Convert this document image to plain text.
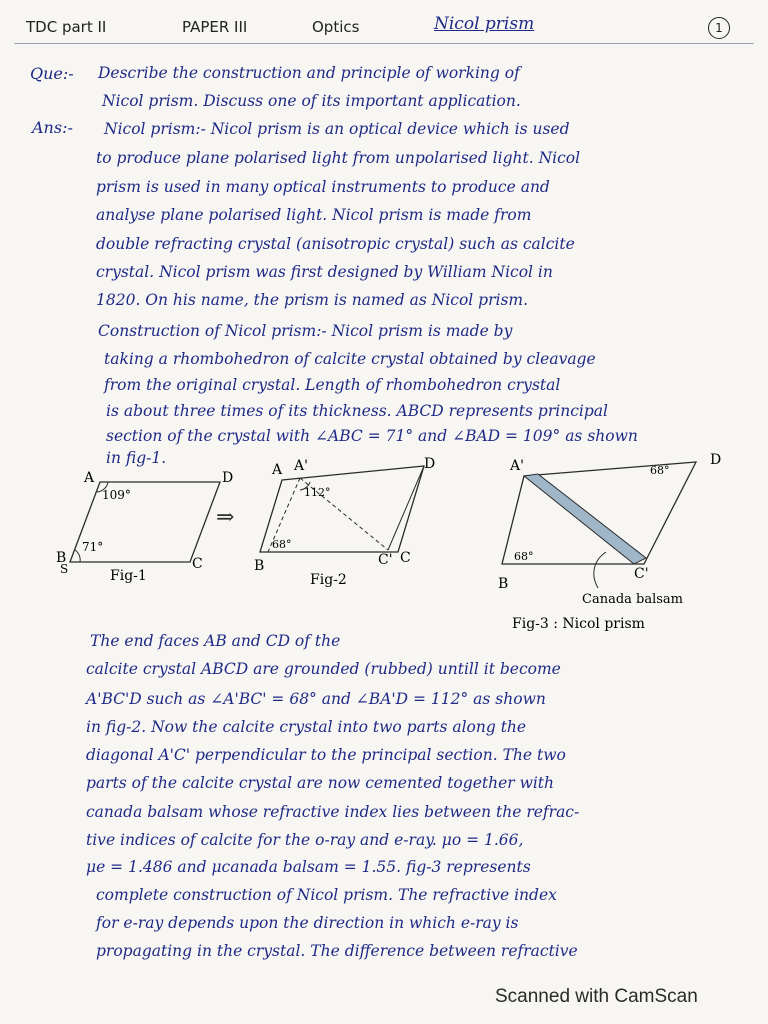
TDC part II	PAPER III	Optics	Nicol prism	1
Que:- Describe the construction and principle of working of
Nicol prism. Discuss one of its important application.
Ans:- Nicol prism:- Nicol prism is an optical device which is used
to produce plane polarised light from unpolarised light. Nicol
prism is used in many optical instruments to produce and
analyse plane polarised light. Nicol prism is made from
double refracting crystal (anisotropic crystal) such as calcite
crystal. Nicol prism was first designed by William Nicol in
1820. On his name, the prism is named as Nicol prism.
Construction of Nicol prism:- Nicol prism is made by
taking a rhombohedron of calcite crystal obtained by cleavage
from the original crystal. Length of rhombohedron crystal
is about three times of its thickness. ABCD represents principal
section of the crystal with ∠ABC = 71° and ∠BAD = 109° as shown
in fig-1.
A	D
B	C
109°
71°
S	Fig-1
⇒
A A'	D
B	C' C
112°
68°
Fig-2
A'	D
B
C'
68°
68°
Canada balsam
Fig-3 : Nicol prism
The end faces AB and CD of the
calcite crystal ABCD are grounded (rubbed) untill it become
A'BC'D such as ∠A'BC' = 68° and ∠BA'D = 112° as shown
in fig-2. Now the calcite crystal into two parts along the
diagonal A'C' perpendicular to the principal section. The two
parts of the calcite crystal are now cemented together with
canada balsam whose refractive index lies between the refrac-
tive indices of calcite for the o-ray and e-ray. μo = 1.66,
μe = 1.486 and μcanada balsam = 1.55. fig-3 represents
complete construction of Nicol prism. The refractive index
for e-ray depends upon the direction in which e-ray is
propagating in the crystal. The difference between refractive
Scanned with CamScan
